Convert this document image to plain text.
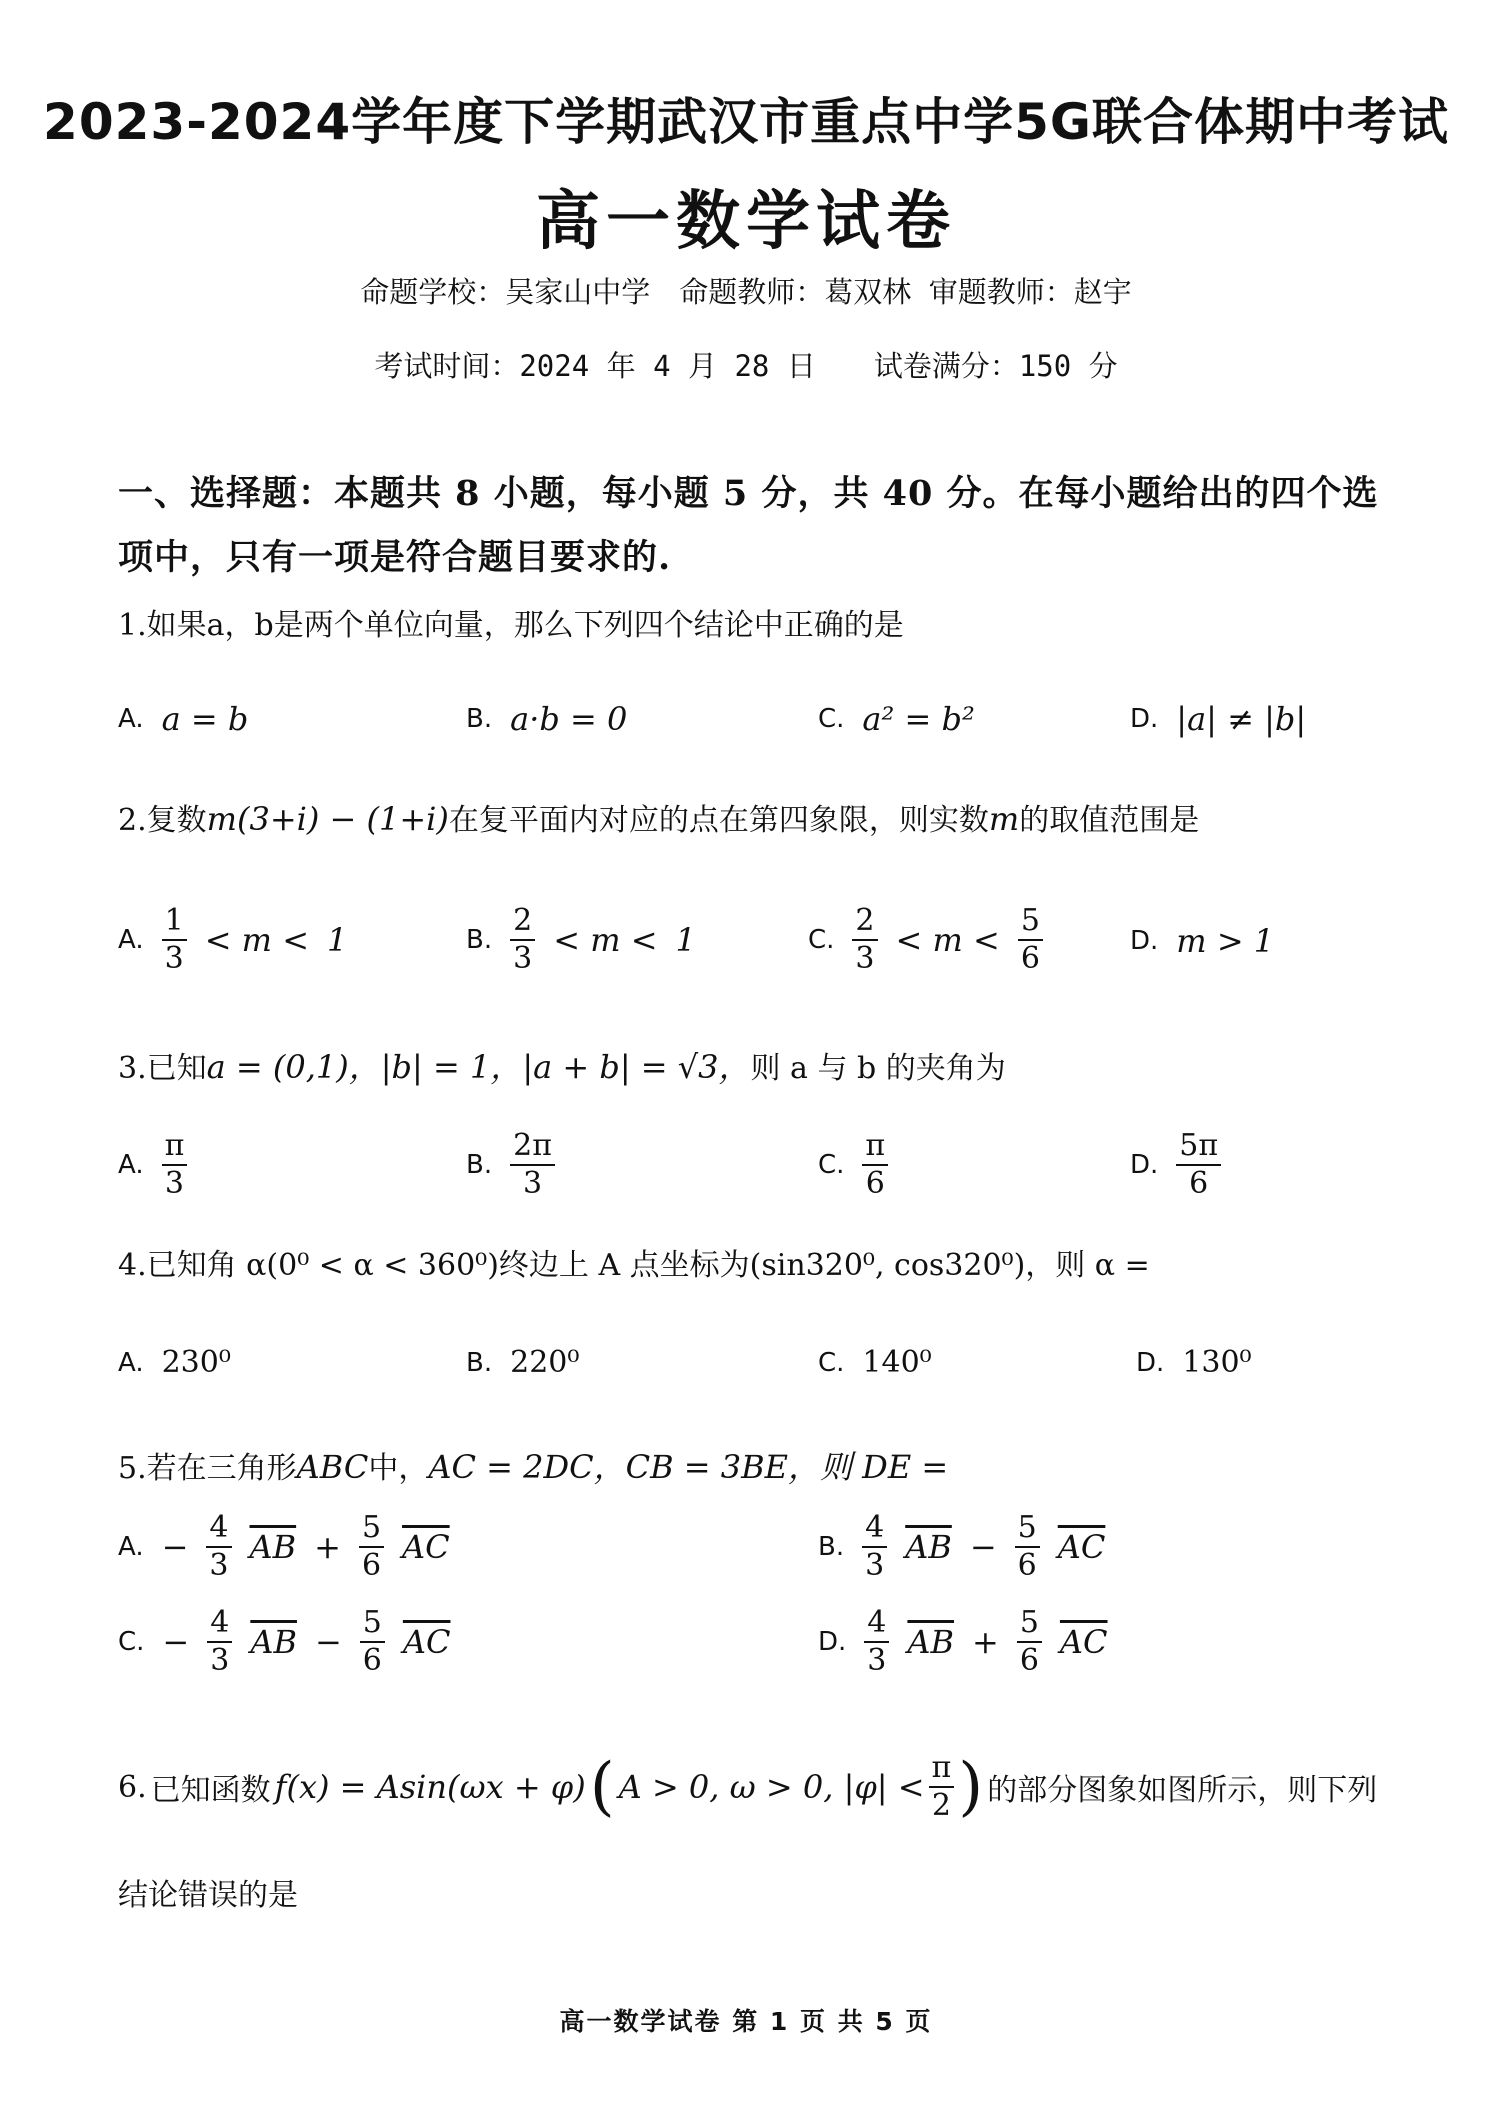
2023-2024学年度下学期武汉市重点中学5G联合体期中考试
高一数学试卷
命题学校：吴家山中学　命题教师：葛双林 审题教师：赵宇
考试时间：2024 年 4 月 28 日　　试卷满分：150 分
一、选择题：本题共 8 小题，每小题 5 分，共 40 分。在每小题给出的四个选项中，只有一项是符合题目要求的.
1.如果a，b是两个单位向量，那么下列四个结论中正确的是
A. a = b	B. a·b = 0	C. a² = b²	D. |a| ≠ |b|
2.复数m(3+i) − (1+i)在复平面内对应的点在第四象限，则实数m的取值范围是
A. $\frac{1}{3} < m < 1$	B. $\frac{2}{3} < m < 1$	C. $\frac{2}{3} < m < \frac{5}{6}$	D. m > 1
3.已知a = (0,1)，|b| = 1，|a + b| = √3，则 a 与 b 的夹角为
A. $\frac{\pi}{3}$	B. $\frac{2\pi}{3}$	C. $\frac{\pi}{6}$	D. $\frac{5\pi}{6}$
4.已知角 α(0⁰ < α < 360⁰)终边上 A 点坐标为(sin320⁰, cos320⁰)，则 α =
A. 230⁰	B. 220⁰	C. 140⁰	D. 130⁰
5.若在三角形ABC中，AC = 2DC，CB = 3BE，则 DE =
A. − $\frac{4}{3} \overline{AB} + \frac{5}{6} \overline{AC}$	B. $\frac{4}{3} \overline{AB} - \frac{5}{6} \overline{AC}$
C. − $\frac{4}{3} \overline{AB} - \frac{5}{6} \overline{AC}$	D. $\frac{4}{3} \overline{AB} + \frac{5}{6} \overline{AC}$
6. 已知函数 f(x) = Asin(ωx + φ) ( A > 0, ω > 0, $|\varphi| < \frac{\pi}{2}$ ) 的部分图象如图所示，则下列
结论错误的是
高一数学试卷 第 1 页 共 5 页
